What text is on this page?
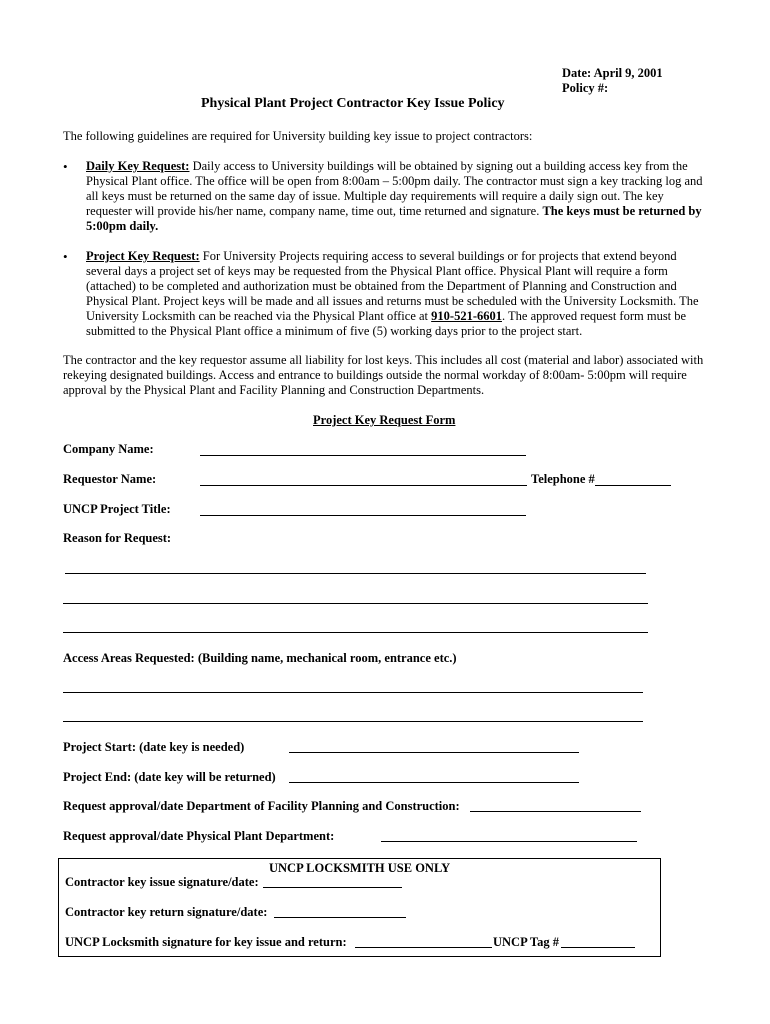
Date: April 9, 2001
Policy #:
Physical Plant Project Contractor Key Issue Policy
The following guidelines are required for University building key issue to project contractors:
• Daily Key Request: Daily access to University buildings will be obtained by signing out a building access key from the Physical Plant office. The office will be open from 8:00am – 5:00pm daily. The contractor must sign a key tracking log and all keys must be returned on the same day of issue. Multiple day requirements will require a daily sign out. The key requester will provide his/her name, company name, time out, time returned and signature. The keys must be returned by 5:00pm daily.
• Project Key Request: For University Projects requiring access to several buildings or for projects that extend beyond several days a project set of keys may be requested from the Physical Plant office. Physical Plant will require a form (attached) to be completed and authorization must be obtained from the Department of Planning and Construction and Physical Plant. Project keys will be made and all issues and returns must be scheduled with the University Locksmith. The University Locksmith can be reached via the Physical Plant office at 910-521-6601. The approved request form must be submitted to the Physical Plant office a minimum of five (5) working days prior to the project start.
The contractor and the key requestor assume all liability for lost keys. This includes all cost (material and labor) associated with rekeying designated buildings. Access and entrance to buildings outside the normal workday of 8:00am- 5:00pm will require approval by the Physical Plant and Facility Planning and Construction Departments.
Project Key Request Form
Company Name:
Requestor Name:	Telephone #
UNCP Project Title:
Reason for Request:
Access Areas Requested: (Building name, mechanical room, entrance etc.)
Project Start: (date key is needed)
Project End: (date key will be returned)
Request approval/date Department of Facility Planning and Construction:
Request approval/date Physical Plant Department:
UNCP LOCKSMITH USE ONLY
Contractor key issue signature/date:
Contractor key return signature/date:
UNCP Locksmith signature for key issue and return:	UNCP Tag #
